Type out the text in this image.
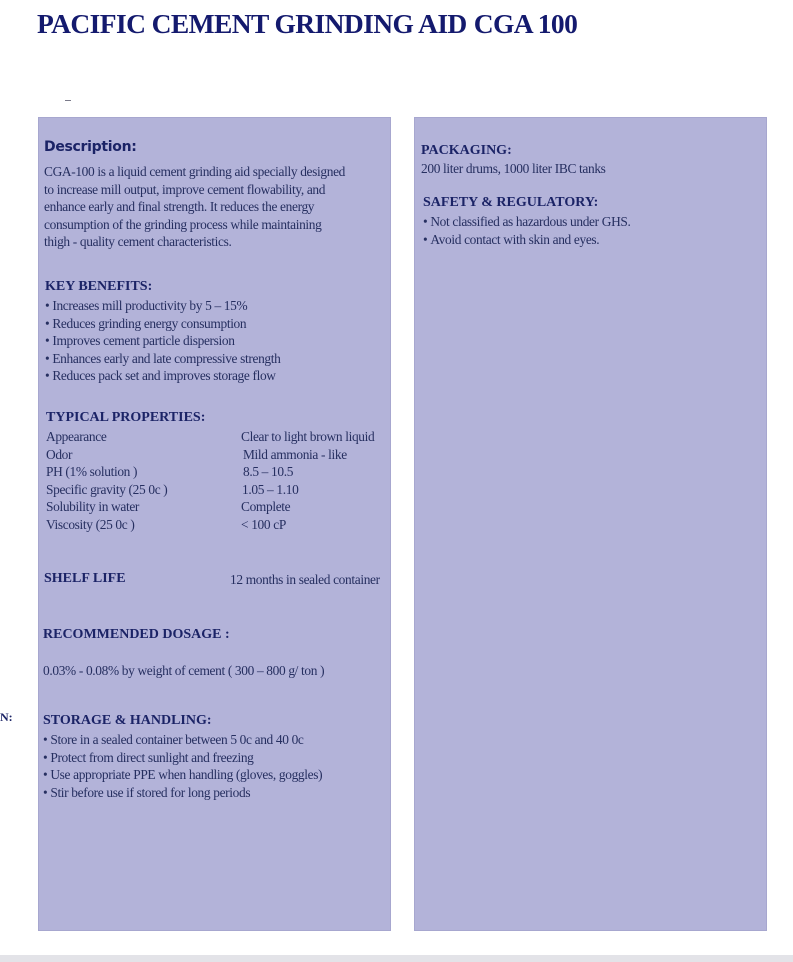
PACIFIC CEMENT GRINDING AID CGA 100
N:
Description:
CGA-100 is a liquid cement grinding aid specially designed
to increase mill output, improve cement flowability, and
enhance early and final strength. It reduces the energy
consumption of the grinding process while maintaining
thigh - quality cement characteristics.
KEY BENEFITS:
• Increases mill productivity by 5 – 15%
• Reduces grinding energy consumption
• Improves cement particle dispersion
• Enhances early and late compressive strength
• Reduces pack set and improves storage flow
TYPICAL PROPERTIES:
Appearance	Clear to light brown liquid
Odor	Mild ammonia - like
PH (1% solution )	8.5 – 10.5
Specific gravity (25 0c )	1.05 – 1.10
Solubility in water	Complete
Viscosity (25 0c )	< 100 cP
SHELF LIFE	12 months in sealed container
RECOMMENDED DOSAGE :
0.03% - 0.08% by weight of cement ( 300 – 800 g/ ton )
STORAGE & HANDLING:
• Store in a sealed container between 5 0c and 40 0c
• Protect from direct sunlight and freezing
• Use appropriate PPE when handling (gloves, goggles)
• Stir before use if stored for long periods
PACKAGING:
200 liter drums, 1000 liter IBC tanks
SAFETY & REGULATORY:
• Not classified as hazardous under GHS.
• Avoid contact with skin and eyes.
